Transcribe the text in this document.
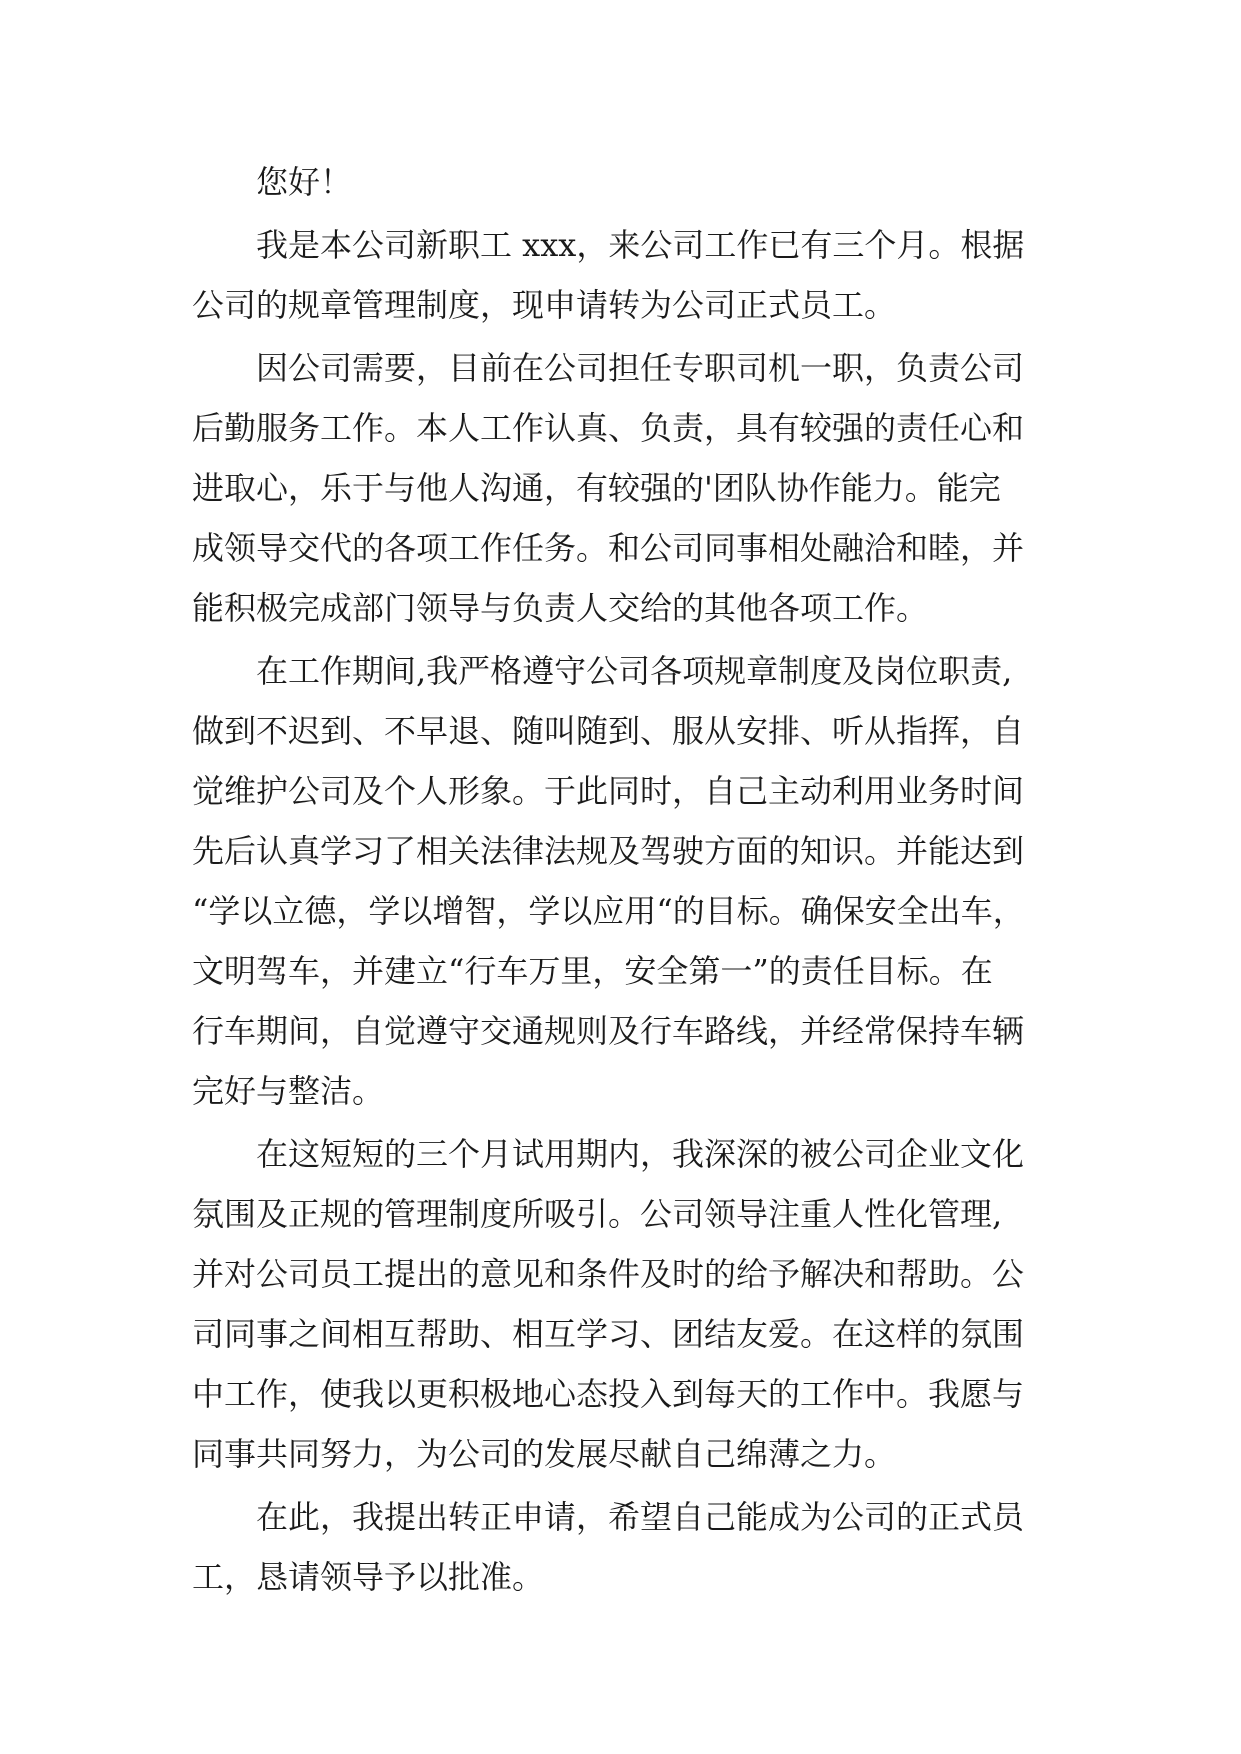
您好！
我是本公司新职工 xxx，来公司工作已有三个月。根据
公司的规章管理制度，现申请转为公司正式员工。
因公司需要，目前在公司担任专职司机一职，负责公司
后勤服务工作。本人工作认真、负责，具有较强的责任心和
进取心，乐于与他人沟通，有较强的'团队协作能力。能完
成领导交代的各项工作任务。和公司同事相处融洽和睦，并
能积极完成部门领导与负责人交给的其他各项工作。
在工作期间,我严格遵守公司各项规章制度及岗位职责,
做到不迟到、不早退、随叫随到、服从安排、听从指挥，自
觉维护公司及个人形象。于此同时，自己主动利用业务时间
先后认真学习了相关法律法规及驾驶方面的知识。并能达到
“学以立德，学以增智，学以应用“的目标。确保安全出车，
文明驾车，并建立“行车万里，安全第一”的责任目标。在
行车期间，自觉遵守交通规则及行车路线，并经常保持车辆
完好与整洁。
在这短短的三个月试用期内，我深深的被公司企业文化
氛围及正规的管理制度所吸引。公司领导注重人性化管理,
并对公司员工提出的意见和条件及时的给予解决和帮助。公
司同事之间相互帮助、相互学习、团结友爱。在这样的氛围
中工作，使我以更积极地心态投入到每天的工作中。我愿与
同事共同努力，为公司的发展尽献自己绵薄之力。
在此，我提出转正申请，希望自己能成为公司的正式员
工，恳请领导予以批准。
